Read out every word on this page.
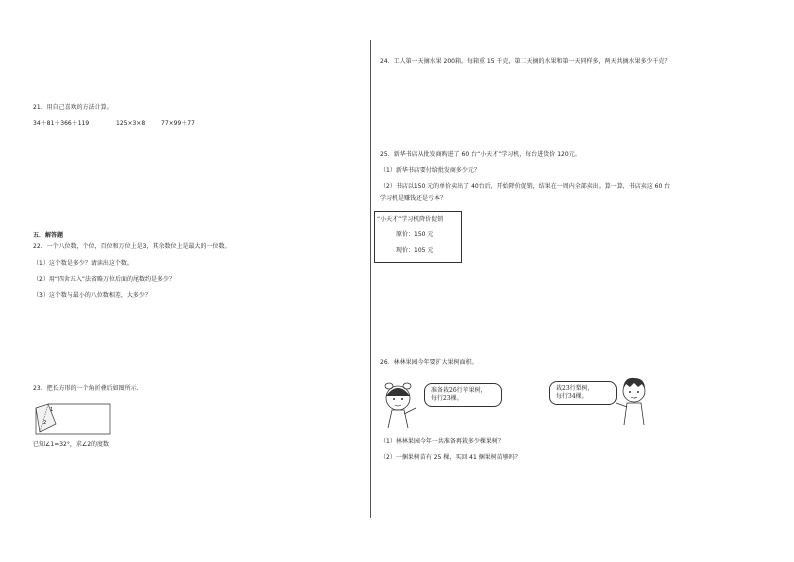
21．用自己喜欢的方法计算。
34＋81＋366＋119	125×3×8	77×99＋77
五．解答题
22．一个八位数，个位，百位和万位上是3，其余数位上是最大的一位数。
（1）这个数是多少？请读出这个数。
（2）用“四舍五入”法省略万位后面的尾数约是多少？
（3）这个数与最小的八位数相差，大多少？
23．把长方形的一个角折叠后如图所示.
1
2
已知∠1=32°，求∠2的度数
24．工人第一天摘水果 200箱，每箱重 15 千克，第二天摘的水果和第一天同样多，两天共摘水果多少千克？
25．新华书店从批发商购进了 60 台“小天才”学习机，每台进货价 120元。
（1）新华书店要付给批发商多少元？
（2）书店以150 元的单价卖出了 40台后，开始降价促销，结果在一周内全部卖出。算一算，书店卖这 60 台
学习机是赚钱还是亏本？
“小天才”学习机降价促销
原价：150 元
现价：105 元
26．林林果园今年要扩大果树面积。
准备栽26行苹果树，
每行23棵。
栽23行梨树，
每行34棵。
（1）林林果园今年一共准备再栽多少棵果树？
（2）一捆果树苗有 25 棵，买回 41 捆果树苗够吗？
